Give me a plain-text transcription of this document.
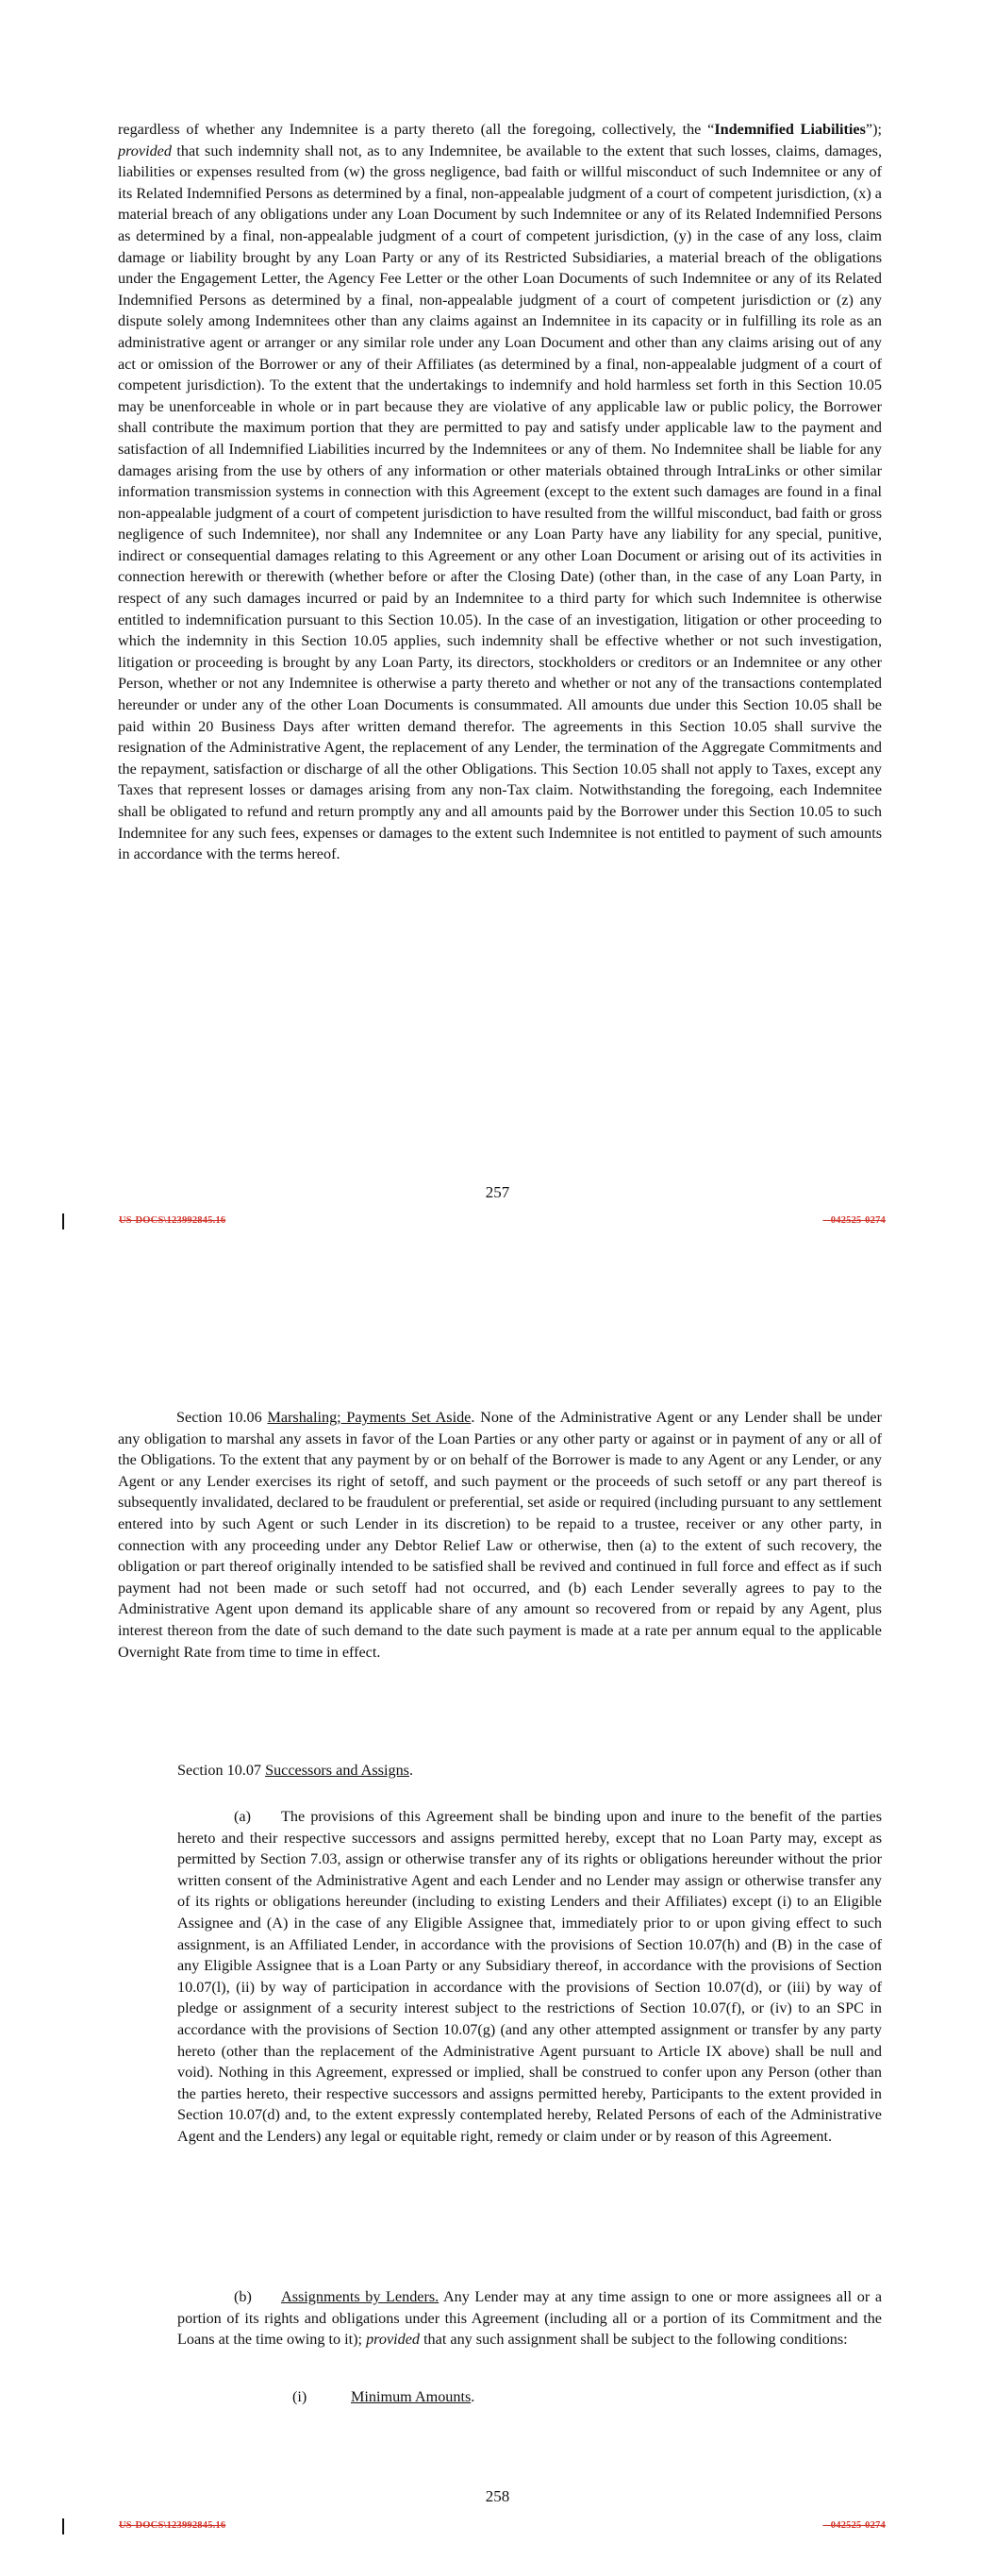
regardless of whether any Indemnitee is a party thereto (all the foregoing, collectively, the “Indemnified Liabilities”); provided that such indemnity shall not, as to any Indemnitee, be available to the extent that such losses, claims, damages, liabilities or expenses resulted from (w) the gross negligence, bad faith or willful misconduct of such Indemnitee or any of its Related Indemnified Persons as determined by a final, non-appealable judgment of a court of competent jurisdiction, (x) a material breach of any obligations under any Loan Document by such Indemnitee or any of its Related Indemnified Persons as determined by a final, non-appealable judgment of a court of competent jurisdiction, (y) in the case of any loss, claim damage or liability brought by any Loan Party or any of its Restricted Subsidiaries, a material breach of the obligations under the Engagement Letter, the Agency Fee Letter or the other Loan Documents of such Indemnitee or any of its Related Indemnified Persons as determined by a final, non-appealable judgment of a court of competent jurisdiction or (z) any dispute solely among Indemnitees other than any claims against an Indemnitee in its capacity or in fulfilling its role as an administrative agent or arranger or any similar role under any Loan Document and other than any claims arising out of any act or omission of the Borrower or any of their Affiliates (as determined by a final, non-appealable judgment of a court of competent jurisdiction). To the extent that the undertakings to indemnify and hold harmless set forth in this Section 10.05 may be unenforceable in whole or in part because they are violative of any applicable law or public policy, the Borrower shall contribute the maximum portion that they are permitted to pay and satisfy under applicable law to the payment and satisfaction of all Indemnified Liabilities incurred by the Indemnitees or any of them. No Indemnitee shall be liable for any damages arising from the use by others of any information or other materials obtained through IntraLinks or other similar information transmission systems in connection with this Agreement (except to the extent such damages are found in a final non-appealable judgment of a court of competent jurisdiction to have resulted from the willful misconduct, bad faith or gross negligence of such Indemnitee), nor shall any Indemnitee or any Loan Party have any liability for any special, punitive, indirect or consequential damages relating to this Agreement or any other Loan Document or arising out of its activities in connection herewith or therewith (whether before or after the Closing Date) (other than, in the case of any Loan Party, in respect of any such damages incurred or paid by an Indemnitee to a third party for which such Indemnitee is otherwise entitled to indemnification pursuant to this Section 10.05). In the case of an investigation, litigation or other proceeding to which the indemnity in this Section 10.05 applies, such indemnity shall be effective whether or not such investigation, litigation or proceeding is brought by any Loan Party, its directors, stockholders or creditors or an Indemnitee or any other Person, whether or not any Indemnitee is otherwise a party thereto and whether or not any of the transactions contemplated hereunder or under any of the other Loan Documents is consummated. All amounts due under this Section 10.05 shall be paid within 20 Business Days after written demand therefor. The agreements in this Section 10.05 shall survive the resignation of the Administrative Agent, the replacement of any Lender, the termination of the Aggregate Commitments and the repayment, satisfaction or discharge of all the other Obligations. This Section 10.05 shall not apply to Taxes, except any Taxes that represent losses or damages arising from any non-Tax claim. Notwithstanding the foregoing, each Indemnitee shall be obligated to refund and return promptly any and all amounts paid by the Borrower under this Section 10.05 to such Indemnitee for any such fees, expenses or damages to the extent such Indemnitee is not entitled to payment of such amounts in accordance with the terms hereof.

257
US-DOCS\123992845.16	– 042525-0274

Section 10.06 Marshaling; Payments Set Aside. None of the Administrative Agent or any Lender shall be under any obligation to marshal any assets in favor of the Loan Parties or any other party or against or in payment of any or all of the Obligations. To the extent that any payment by or on behalf of the Borrower is made to any Agent or any Lender, or any Agent or any Lender exercises its right of setoff, and such payment or the proceeds of such setoff or any part thereof is subsequently invalidated, declared to be fraudulent or preferential, set aside or required (including pursuant to any settlement entered into by such Agent or such Lender in its discretion) to be repaid to a trustee, receiver or any other party, in connection with any proceeding under any Debtor Relief Law or otherwise, then (a) to the extent of such recovery, the obligation or part thereof originally intended to be satisfied shall be revived and continued in full force and effect as if such payment had not been made or such setoff had not occurred, and (b) each Lender severally agrees to pay to the Administrative Agent upon demand its applicable share of any amount so recovered from or repaid by any Agent, plus interest thereon from the date of such demand to the date such payment is made at a rate per annum equal to the applicable Overnight Rate from time to time in effect.

Section 10.07 Successors and Assigns.

(a) The provisions of this Agreement shall be binding upon and inure to the benefit of the parties hereto and their respective successors and assigns permitted hereby, except that no Loan Party may, except as permitted by Section 7.03, assign or otherwise transfer any of its rights or obligations hereunder without the prior written consent of the Administrative Agent and each Lender and no Lender may assign or otherwise transfer any of its rights or obligations hereunder (including to existing Lenders and their Affiliates) except (i) to an Eligible Assignee and (A) in the case of any Eligible Assignee that, immediately prior to or upon giving effect to such assignment, is an Affiliated Lender, in accordance with the provisions of Section 10.07(h) and (B) in the case of any Eligible Assignee that is a Loan Party or any Subsidiary thereof, in accordance with the provisions of Section 10.07(l), (ii) by way of participation in accordance with the provisions of Section 10.07(d), or (iii) by way of pledge or assignment of a security interest subject to the restrictions of Section 10.07(f), or (iv) to an SPC in accordance with the provisions of Section 10.07(g) (and any other attempted assignment or transfer by any party hereto (other than the replacement of the Administrative Agent pursuant to Article IX above) shall be null and void). Nothing in this Agreement, expressed or implied, shall be construed to confer upon any Person (other than the parties hereto, their respective successors and assigns permitted hereby, Participants to the extent provided in Section 10.07(d) and, to the extent expressly contemplated hereby, Related Persons of each of the Administrative Agent and the Lenders) any legal or equitable right, remedy or claim under or by reason of this Agreement.

(b) Assignments by Lenders. Any Lender may at any time assign to one or more assignees all or a portion of its rights and obligations under this Agreement (including all or a portion of its Commitment and the Loans at the time owing to it); provided that any such assignment shall be subject to the following conditions:

(i)	Minimum Amounts.

258
US-DOCS\123992845.16	– 042525-0274
